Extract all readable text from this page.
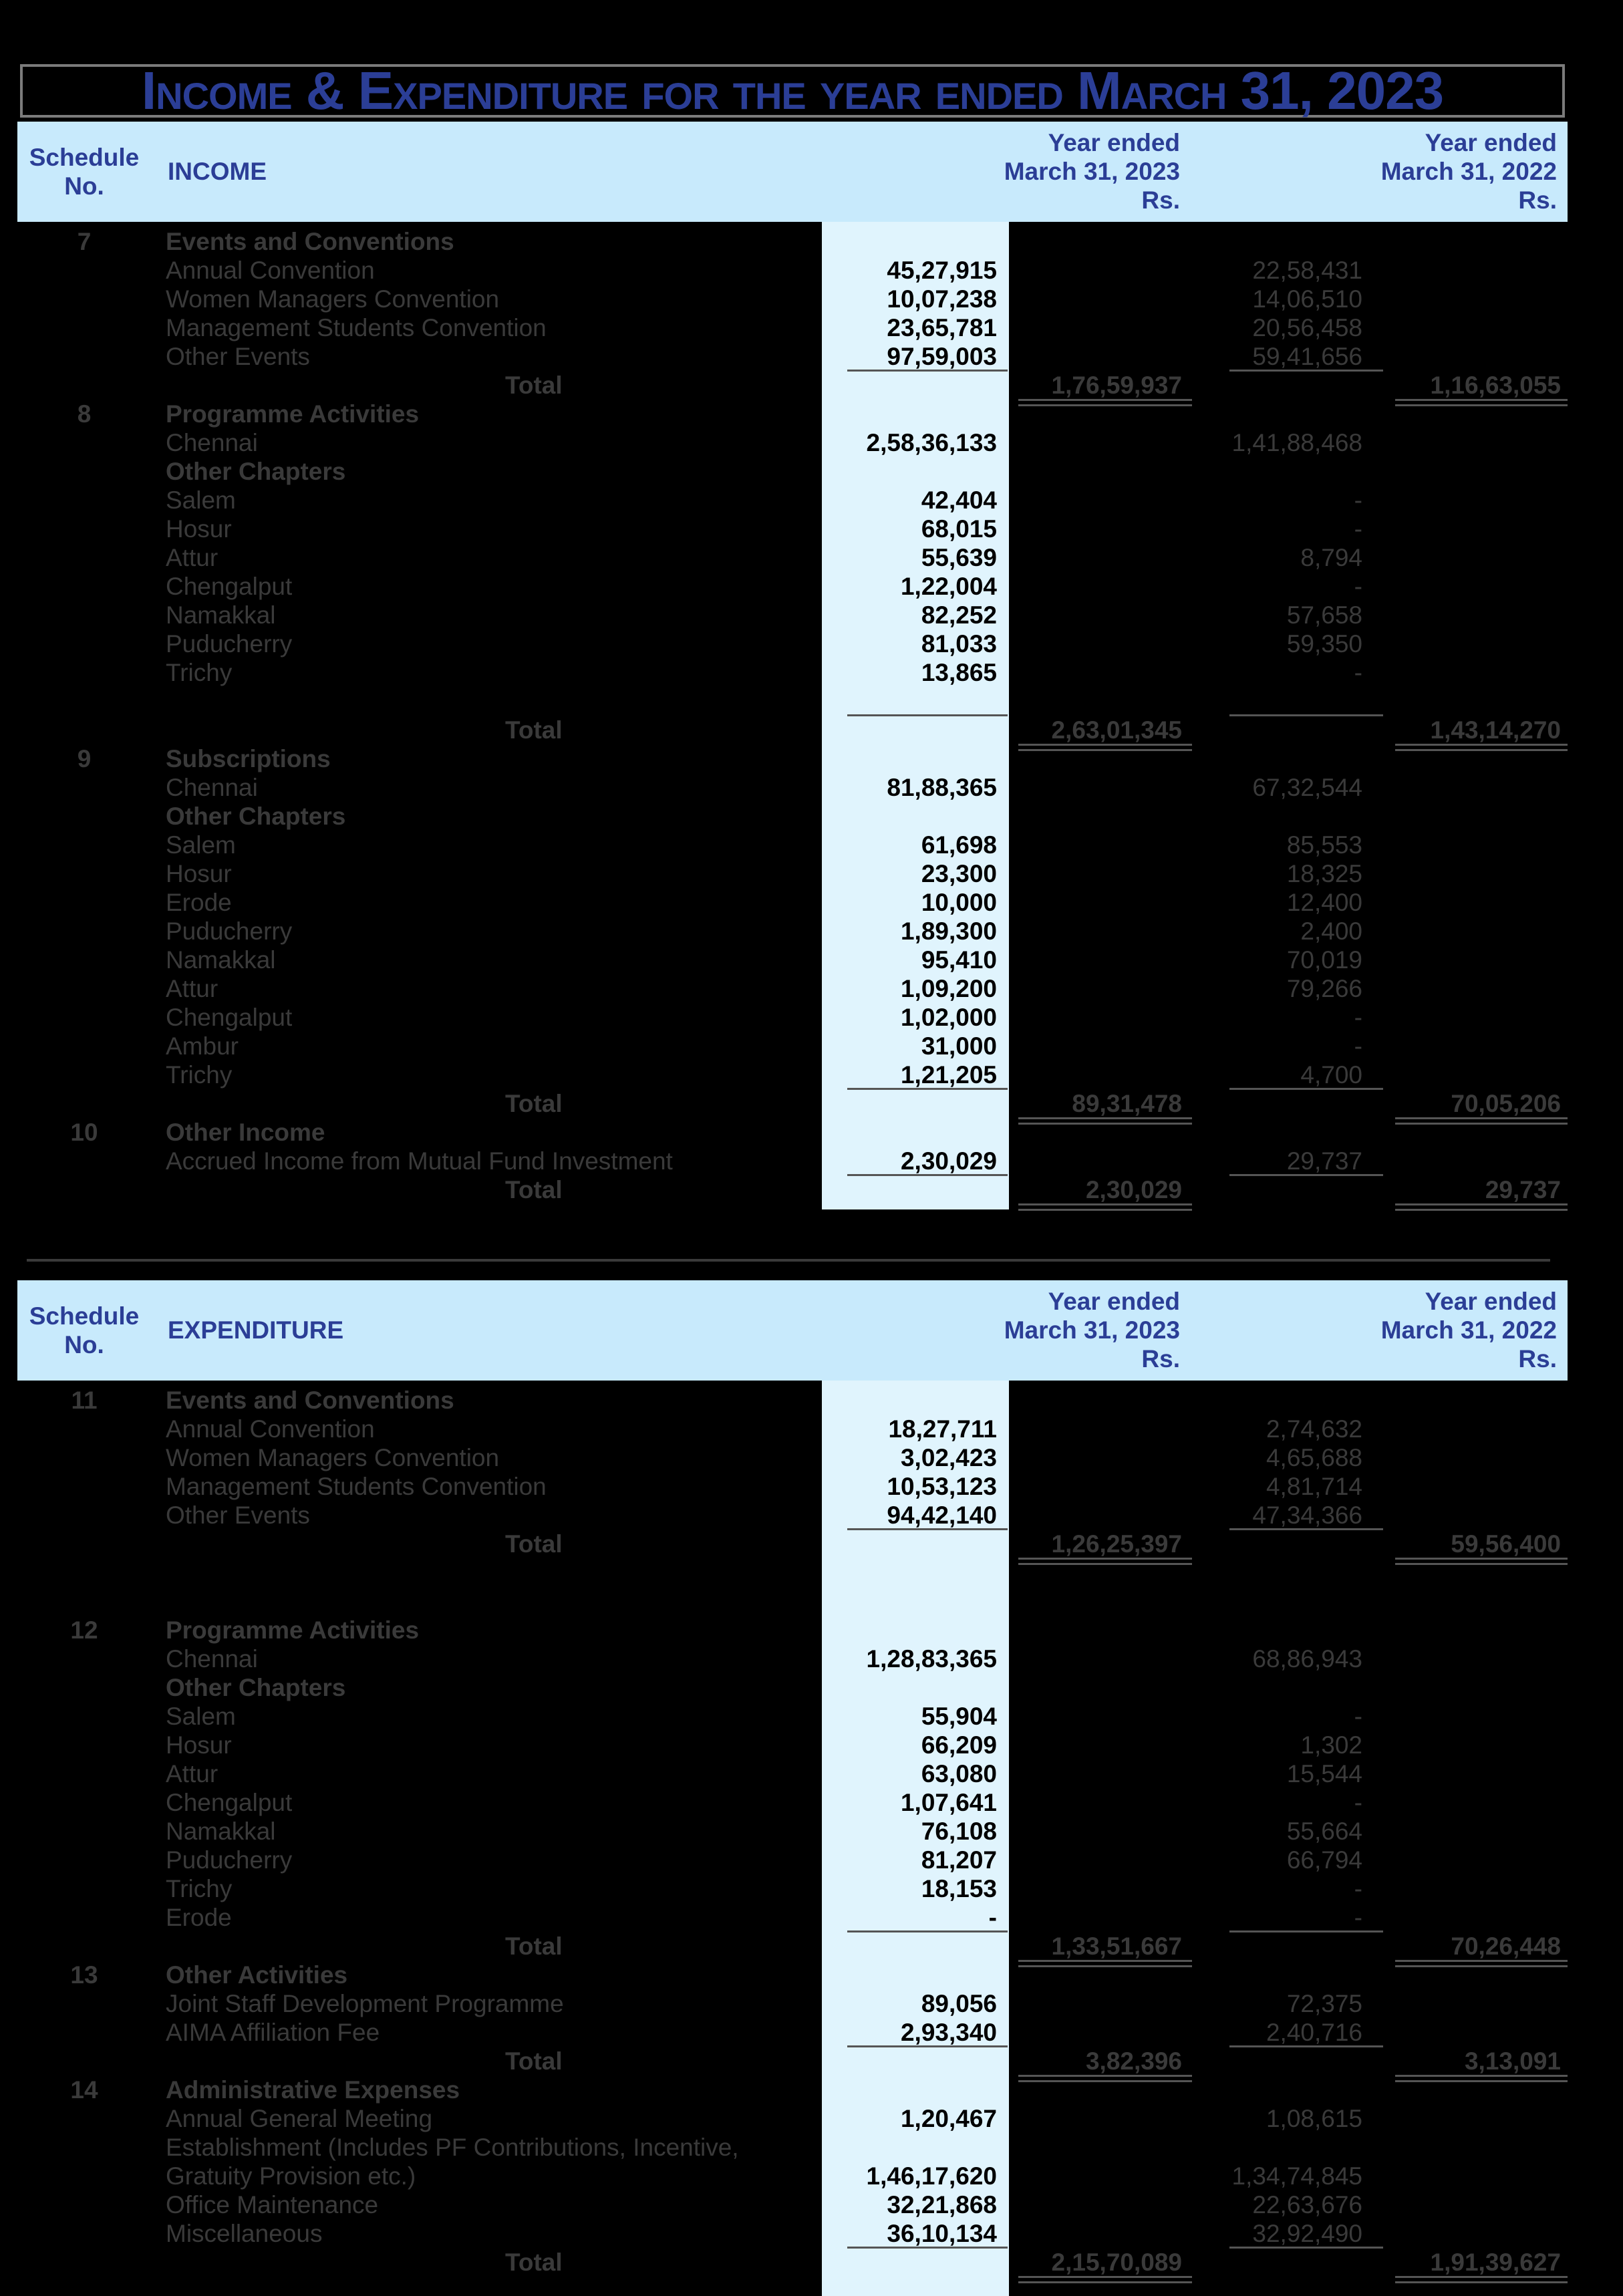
Income & Expenditure for the year ended March 31, 2023
Schedule
No.
INCOME
Year ended
March 31, 2023
Rs.
Year ended
March 31, 2022
Rs.
7	Events and Conventions
Annual Convention	45,27,915	22,58,431
Women Managers Convention	10,07,238	14,06,510
Management Students Convention	23,65,781	20,56,458
Other Events	97,59,003	59,41,656
Total	1,76,59,937	1,16,63,055
8	Programme Activities
Chennai	2,58,36,133	1,41,88,468
Other Chapters
Salem	42,404	-
Hosur	68,015	-
Attur	55,639	8,794
Chengalput	1,22,004	-
Namakkal	82,252	57,658
Puducherry	81,033	59,350
Trichy	13,865	-
Total	2,63,01,345	1,43,14,270
9	Subscriptions
Chennai	81,88,365	67,32,544
Other Chapters
Salem	61,698	85,553
Hosur	23,300	18,325
Erode	10,000	12,400
Puducherry	1,89,300	2,400
Namakkal	95,410	70,019
Attur	1,09,200	79,266
Chengalput	1,02,000	-
Ambur	31,000	-
Trichy	1,21,205	4,700
Total	89,31,478	70,05,206
10	Other Income
Accrued Income from Mutual Fund Investment	2,30,029	29,737
Total	2,30,029	29,737
Schedule
No.
EXPENDITURE
Year ended
March 31, 2023
Rs.
Year ended
March 31, 2022
Rs.
11	Events and Conventions
Annual Convention	18,27,711	2,74,632
Women Managers Convention	3,02,423	4,65,688
Management Students Convention	10,53,123	4,81,714
Other Events	94,42,140	47,34,366
Total	1,26,25,397	59,56,400
12	Programme Activities
Chennai	1,28,83,365	68,86,943
Other Chapters
Salem	55,904	-
Hosur	66,209	1,302
Attur	63,080	15,544
Chengalput	1,07,641	-
Namakkal	76,108	55,664
Puducherry	81,207	66,794
Trichy	18,153	-
Erode	-	-
Total	1,33,51,667	70,26,448
13	Other Activities
Joint Staff Development Programme	89,056	72,375
AIMA Affiliation Fee	2,93,340	2,40,716
Total	3,82,396	3,13,091
14	Administrative Expenses
Annual General Meeting	1,20,467	1,08,615
Establishment (Includes PF Contributions, Incentive,
Gratuity Provision etc.)	1,46,17,620	1,34,74,845
Office Maintenance	32,21,868	22,63,676
Miscellaneous	36,10,134	32,92,490
Total	2,15,70,089	1,91,39,627
